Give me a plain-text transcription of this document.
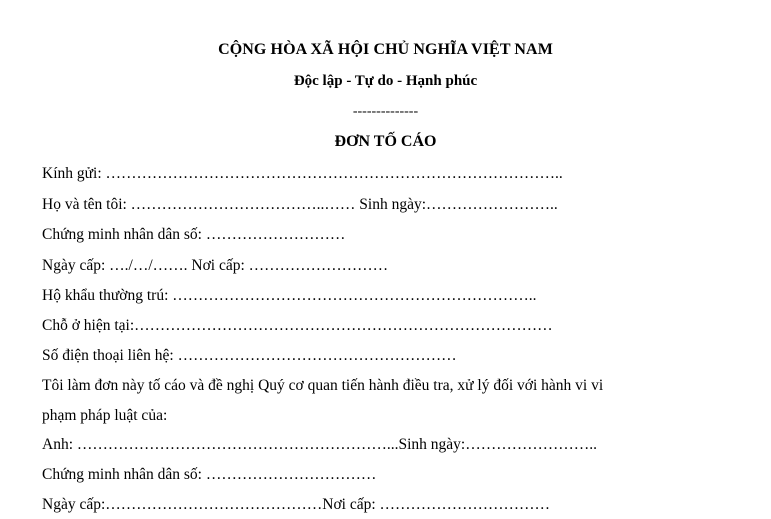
CỘNG HÒA XÃ HỘI CHỦ NGHĨA VIỆT NAM
Độc lập - Tự do - Hạnh phúc
--------------
ĐƠN TỐ CÁO
Kính gửi: ……………………………………………………………………………..
Họ và tên tôi: ………………………………..…… Sinh ngày:……………………..
Chứng minh nhân dân số: ………………………
Ngày cấp: …./…/……. Nơi cấp: ………………………
Hộ khẩu thường trú: ……………………………………………………………..
Chỗ ở hiện tại:………………………………………………………………………
Số điện thoại liên hệ: ………………………………………………
Tôi làm đơn này tố cáo và đề nghị Quý cơ quan tiến hành điều tra, xử lý đối với hành vi vi
phạm pháp luật của:
Anh: ……………………………………………………...Sinh ngày:……………………..
Chứng minh nhân dân số: ……………………………
Ngày cấp:……………………………………Nơi cấp: ……………………………
